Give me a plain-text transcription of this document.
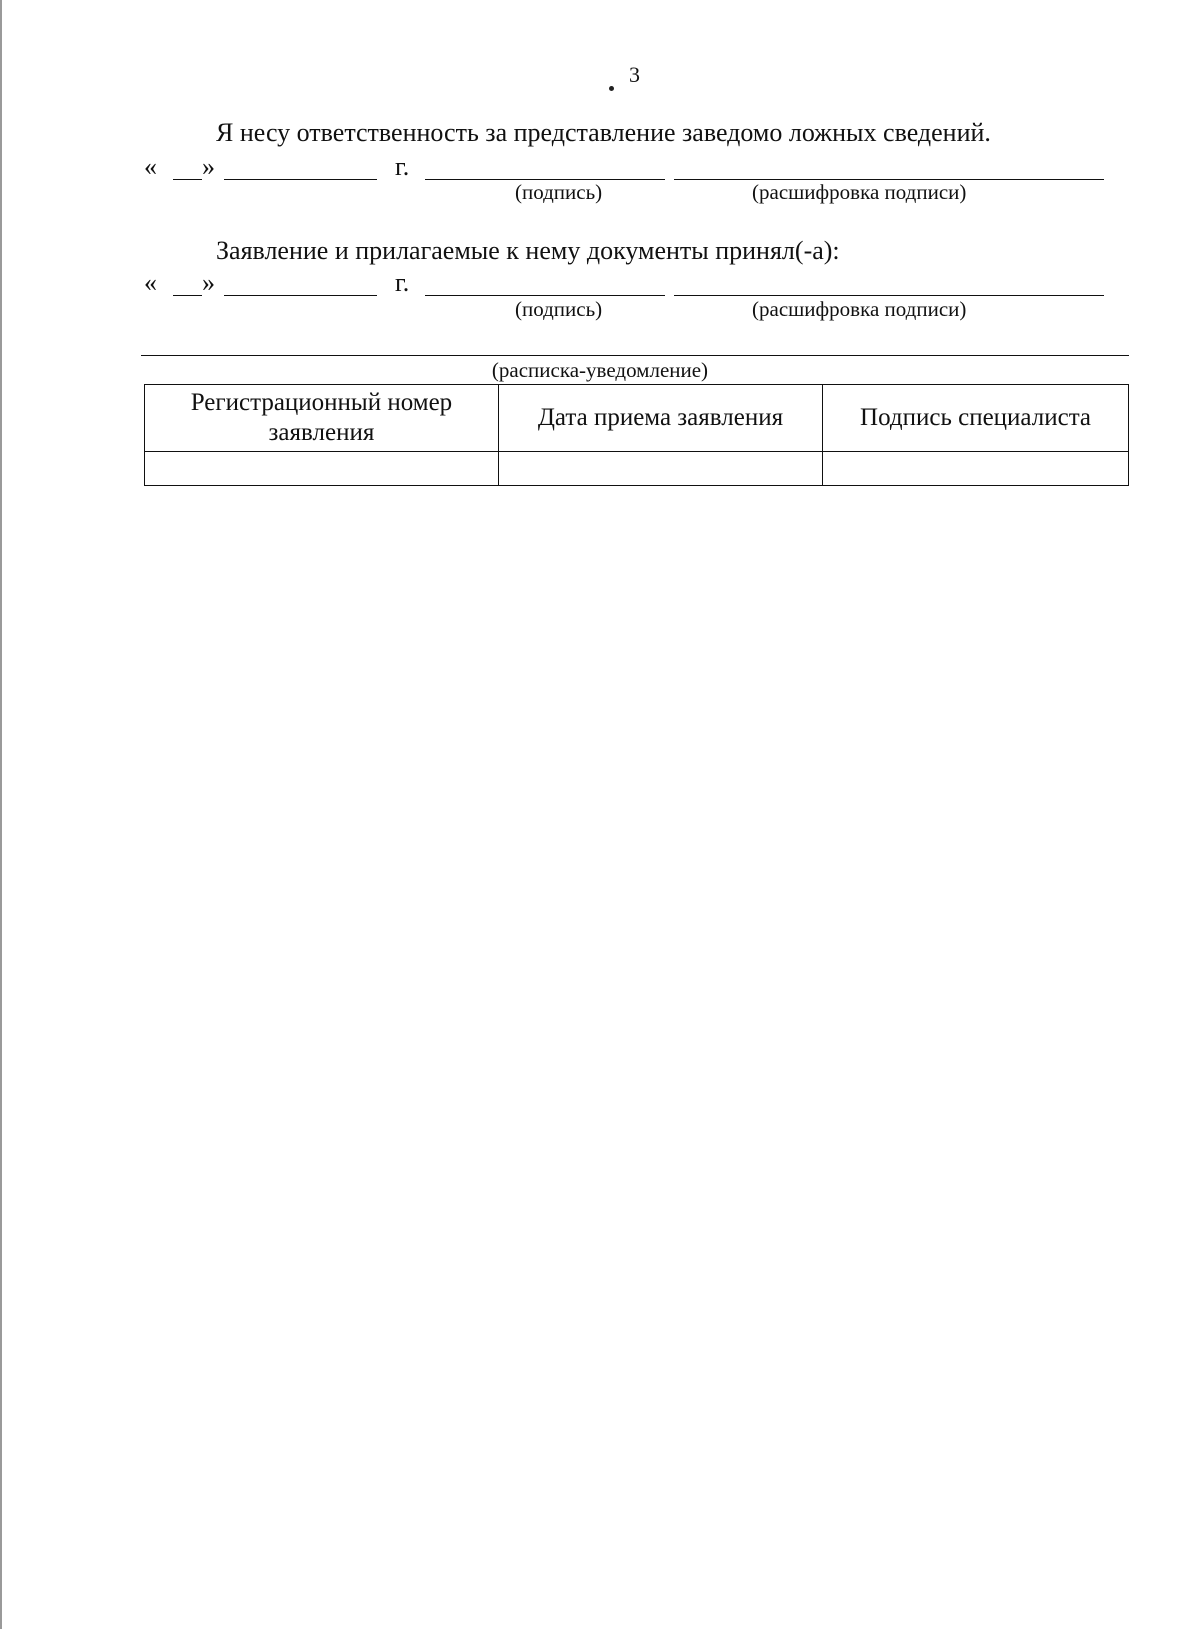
3
Я несу ответственность за представление заведомо ложных сведений.
« »	г.
(подпись)	(расшифровка подписи)
Заявление и прилагаемые к нему документы принял(-а):
« »	г.
(подпись)	(расшифровка подписи)
(расписка-уведомление)
Регистрационный номер заявления	Дата приема заявления	Подпись специалиста
